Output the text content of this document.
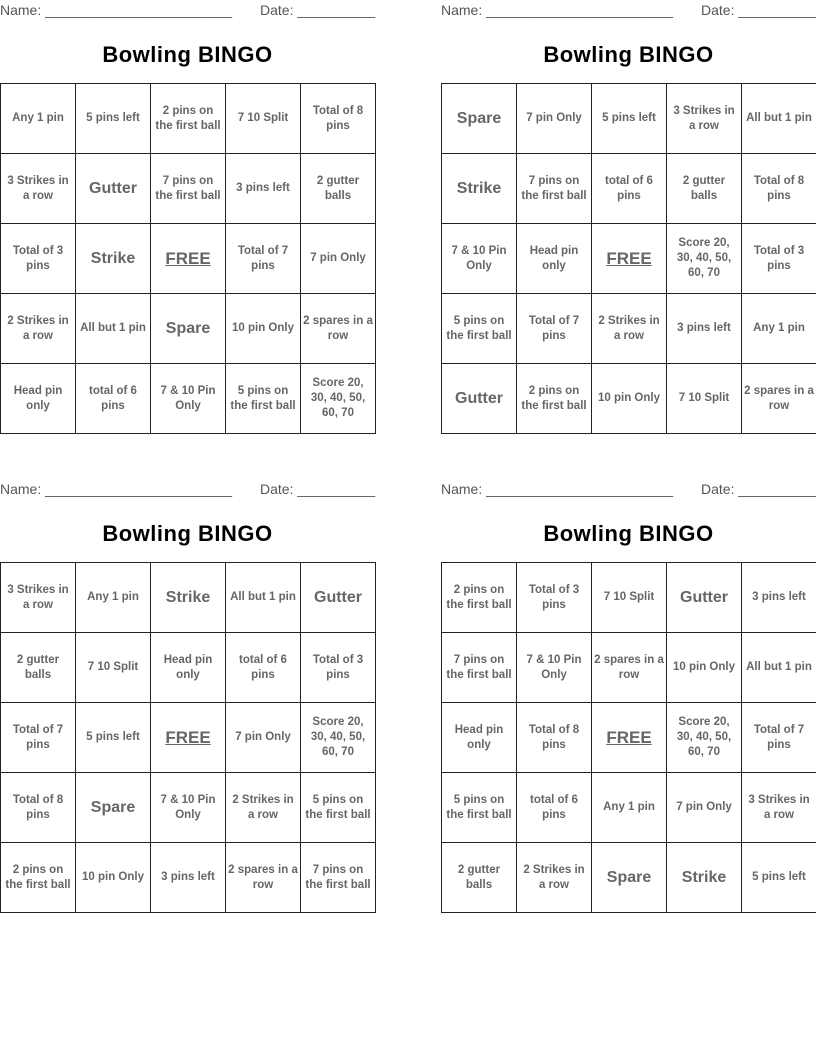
Name: ________________________ Date: __________
Bowling BINGO
Any 1 pin	5 pins left	2 pins on the first ball	7 10 Split	Total of 8 pins
3 Strikes in a row	Gutter	7 pins on the first ball	3 pins left	2 gutter balls
Total of 3 pins	Strike	FREE	Total of 7 pins	7 pin Only
2 Strikes in a row	All but 1 pin	Spare	10 pin Only	2 spares in a row
Head pin only	total of 6 pins	7 & 10 Pin Only	5 pins on the first ball	Score 20, 30, 40, 50, 60, 70
Name: ________________________ Date: __________
Bowling BINGO
Spare	7 pin Only	5 pins left	3 Strikes in a row	All but 1 pin
Strike	7 pins on the first ball	total of 6 pins	2 gutter balls	Total of 8 pins
7 & 10 Pin Only	Head pin only	FREE	Score 20, 30, 40, 50, 60, 70	Total of 3 pins
5 pins on the first ball	Total of 7 pins	2 Strikes in a row	3 pins left	Any 1 pin
Gutter	2 pins on the first ball	10 pin Only	7 10 Split	2 spares in a row
Name: ________________________ Date: __________
Bowling BINGO
3 Strikes in a row	Any 1 pin	Strike	All but 1 pin	Gutter
2 gutter balls	7 10 Split	Head pin only	total of 6 pins	Total of 3 pins
Total of 7 pins	5 pins left	FREE	7 pin Only	Score 20, 30, 40, 50, 60, 70
Total of 8 pins	Spare	7 & 10 Pin Only	2 Strikes in a row	5 pins on the first ball
2 pins on the first ball	10 pin Only	3 pins left	2 spares in a row	7 pins on the first ball
Name: ________________________ Date: __________
Bowling BINGO
2 pins on the first ball	Total of 3 pins	7 10 Split	Gutter	3 pins left
7 pins on the first ball	7 & 10 Pin Only	2 spares in a row	10 pin Only	All but 1 pin
Head pin only	Total of 8 pins	FREE	Score 20, 30, 40, 50, 60, 70	Total of 7 pins
5 pins on the first ball	total of 6 pins	Any 1 pin	7 pin Only	3 Strikes in a row
2 gutter balls	2 Strikes in a row	Spare	Strike	5 pins left
